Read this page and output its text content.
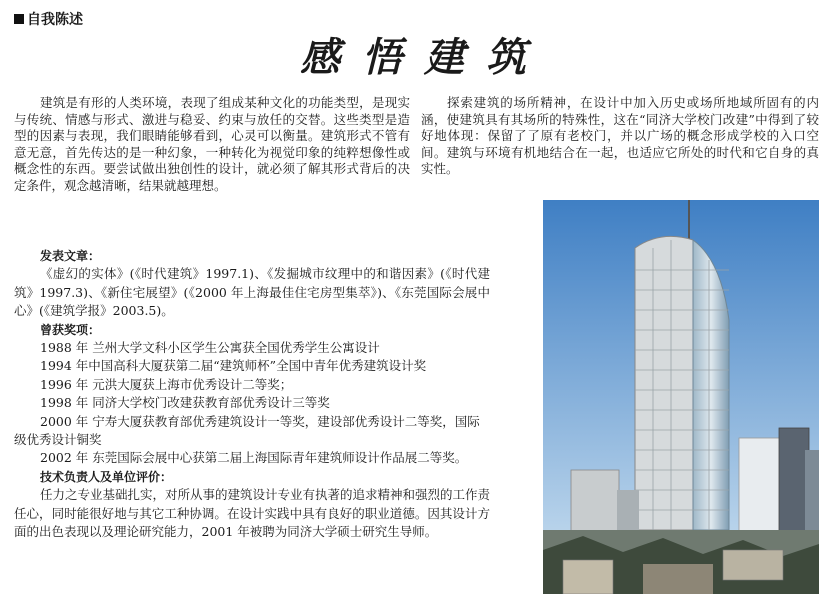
自我陈述
感悟建筑
建筑是有形的人类环境，表现了组成某种文化的功能类型，是现实与传统、情感与形式、激进与稳妥、约束与放任的交替。这些类型是造型的因素与表现，我们眼睛能够看到，心灵可以衡量。建筑形式不管有意无意，首先传达的是一种幻象，一种转化为视觉印象的纯粹想像性或概念性的东西。要尝试做出独创性的设计，就必须了解其形式背后的决定条件，观念越清晰，结果就越理想。
探索建筑的场所精神，在设计中加入历史或场所地域所固有的内涵，使建筑具有其场所的特殊性，这在“同济大学校门改建”中得到了较好地体现：保留了了原有老校门，并以广场的概念形成学校的入口空间。建筑与环境有机地结合在一起，也适应它所处的时代和它自身的真实性。
发表文章：
《虚幻的实体》(《时代建筑》1997.1)、《发掘城市纹理中的和谐因素》(《时代建筑》1997.3)、《新住宅展望》(《2000 年上海最佳住宅房型集萃》)、《东莞国际会展中心》(《建筑学报》2003.5)。
曾获奖项：
1988 年 兰州大学文科小区学生公寓获全国优秀学生公寓设计
1994 年中国高科大厦获第二届“建筑师杯”全国中青年优秀建筑设计奖
1996 年 元洪大厦获上海市优秀设计二等奖；
1998 年 同济大学校门改建获教育部优秀设计三等奖
2000 年 宁寿大厦获教育部优秀建筑设计一等奖，建设部优秀设计二等奖，国际级优秀设计铜奖
2002 年 东莞国际会展中心获第二届上海国际青年建筑师设计作品展二等奖。
技术负责人及单位评价：
任力之专业基础扎实，对所从事的建筑设计专业有执著的追求精神和强烈的工作责任心，同时能很好地与其它工种协调。在设计实践中具有良好的职业道德。因其设计方面的出色表现以及理论研究能力，2001 年被聘为同济大学硕士研究生导师。
